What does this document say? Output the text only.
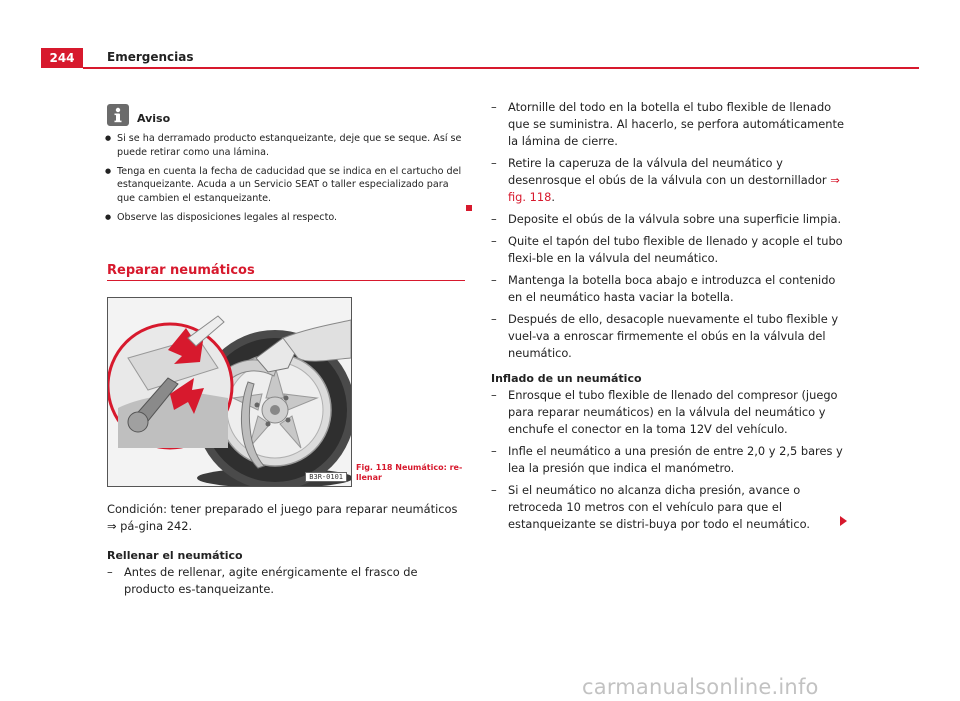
244	Emergencias
Aviso
● Si se ha derramado producto estanqueizante, deje que se seque. Así se puede retirar como una lámina.
● Tenga en cuenta la fecha de caducidad que se indica en el cartucho del estanqueizante. Acuda a un Servicio SEAT o taller especializado para que cambien el estanqueizante.
● Observe las disposiciones legales al respecto.
Reparar neumáticos
B3R-0101
Fig. 118 Neumático: re-llenar

Condición: tener preparado el juego para reparar neumáticos ⇒ pá-gina 242.

Rellenar el neumático
– Antes de rellenar, agite enérgicamente el frasco de producto es-tanqueizante.
– Atornille del todo en la botella el tubo flexible de llenado que se suministra. Al hacerlo, se perfora automáticamente la lámina de cierre.
– Retire la caperuza de la válvula del neumático y desenrosque el obús de la válvula con un destornillador ⇒ fig. 118.
– Deposite el obús de la válvula sobre una superficie limpia.
– Quite el tapón del tubo flexible de llenado y acople el tubo flexi-ble en la válvula del neumático.
– Mantenga la botella boca abajo e introduzca el contenido en el neumático hasta vaciar la botella.
– Después de ello, desacople nuevamente el tubo flexible y vuel-va a enroscar firmemente el obús en la válvula del neumático.
Inflado de un neumático
– Enrosque el tubo flexible de llenado del compresor (juego para reparar neumáticos) en la válvula del neumático y enchufe el conector en la toma 12V del vehículo.
– Infle el neumático a una presión de entre 2,0 y 2,5 bares y lea la presión que indica el manómetro.
– Si el neumático no alcanza dicha presión, avance o retroceda 10 metros con el vehículo para que el estanqueizante se distri-buya por todo el neumático.
carmanualsonline.info
